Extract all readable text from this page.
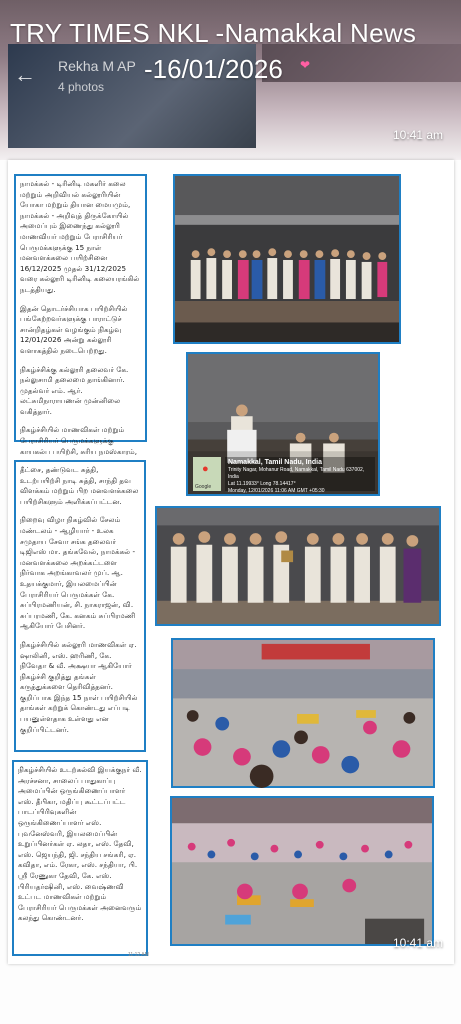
TRY TIMES NKL -Namakkal News
← Rekha M AP
4 photos
-16/01/2026 ❤
10:41 am

நாமக்கல் - டிரினிடி மகளிர் கலை மற்றும் அறிவியல் கல்லூரியின் யோகா மற்றும் தியான மையமும், நாமக்கல் - அறிவுத் திருக்கோயில் அமைப்பும் இணைந்து கல்லூரி மாணவியர் மற்றும் பேராசிரியர் பெருமக்களுக்கு 15 நாள் மனவளக்கலை பயிற்சினை 16/12/2025 முதல் 31/12/2025 வரை கல்லூரி டிரினிடி கலையரங்கில் நடத்தியது.

இதன் தொடர்ச்சியாக பயிற்சியில் பங்கேற்றவர்களுக்கு பாராட்டுச் சான்றிதழ்கள் வழங்கும் நிகழ்வு 12/01/2026 அன்று கல்லூரி வளாகத்தில் நடைபெற்றது.

நிகழ்ச்சிக்கு கல்லூரி தலைவர் கே. நல்லுசாமி தலைமை தாங்கினார். முதல்வர் எம். ஆர். லட்சுமிநாராயணன் முன்னிலை வகித்தார்.

நிகழ்ச்சியில் மாணவிகள் மற்றும் பேராசிரியர் பெருமக்களுக்கு காயகல்ப பயிற்சி, சுரிய நமஸ்காரம்,

தீட்சை, தண்டுவட சுத்தி, உடற்பயிற்சி நாடி சுத்தி, சாந்தி தவ விளக்கம் மற்றும் பிற மனவளக்கலை பயிற்சிகளும் அளிக்கப்பட்டன.

நிறைவு விழா நிகழ்வில் சேலம் மண்டலம் - ஆழியார் - உலக சமுதாய சேவா சங்க தலைவர் டிஜிஎஸ் மா. தங்கவேல், நாமக்கல் - மனவளக்கலை அறக்கட்டளை நிர்வாக அறங்காவலர் முப். ஆ. உதயக்குமார், இயலமைப்பின் பேராசிரியர் பெருமக்கள் கே. சுப்பிரமணியன், சி. நாகராஜன், வி. சுப்பரமணி, கே. கனகம் சுப்பிரமணி ஆகியோர் பேசினர்.

நிகழ்ச்சியில் கல்லூரி மாணவிகள் ஏ. ஷாலினி, எஸ். ஹரிணி, கே. நிவேதா & வீ. அக்ஷயா ஆகியோர் நிகழ்ச்சி குறித்து தங்கள் கருத்துக்களை தெரிவித்தனர். குறிப்பாக இந்த 15 நாள் பயிற்சியில் தாங்கள் கற்றுக் கொண்டது எப்படி பயனுள்ளதாக உள்ளது என குறிப்பிட்டனர்.

நிகழ்ச்சியில் உடற்கல்வி இயக்குநர் வீ. அரச்சனா, சாலைப் பாதுகாப்பு அமைப்பின் ஒருங்கிணைப்பாளர் எஸ். தீபிகா, மதிப்பு கூட்டப்பட்ட பாடப்பிரிவுகளின் ஒருங்கிணைப்பாளர் எஸ். புவனேஸ்வரி, இயலமைப்பின் உறுப்பினர்கள் ஏ. லதா, எஸ். தேவி, எஸ். ஜெயந்தி, ஜி. சந்திய சங்கரி, ஏ. கவிதா, எம். ரேகா, எஸ். சந்தியா, பி. ஸ்ரீ ரேணுகா தேவி, கே. எஸ். பிரியதர்ஷினி, எஸ். வைஷ்ணவி உட்பட மாணவிகள் மற்றும் பேராசிரியர் பெருமக்கள் அனைவரும் கலந்து கொண்டனர்.

11:12 AM
●
Google
Namakkal, Tamil Nadu, India
Trinity Nagar, Mohanur Road, Namakkal, Tamil Nadu 637002, India
Lat 11.19933° Long 78.14417°
Monday, 12/01/2026 11:06 AM GMT +05:30
10:41 am
